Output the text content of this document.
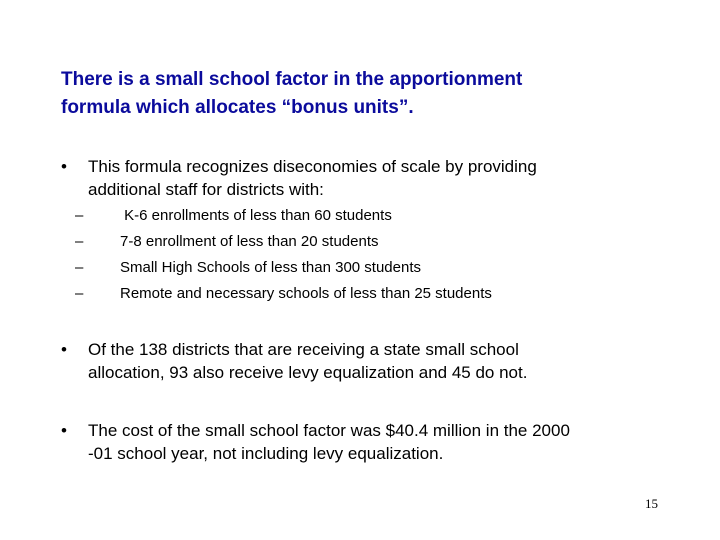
There is a small school factor in the apportionment
formula which allocates “bonus units”.
•	This formula recognizes diseconomies of scale by providing
additional staff for districts with:
– K-6 enrollments of less than 60 students
– 7-8 enrollment of less than 20 students
– Small High Schools of less than 300 students
– Remote and necessary schools of less than 25 students
•	Of the 138 districts that are receiving a state small school
allocation, 93 also receive levy equalization and 45 do not.
•	The cost of the small school factor was $40.4 million in the 2000
-01 school year, not including levy equalization.
15
